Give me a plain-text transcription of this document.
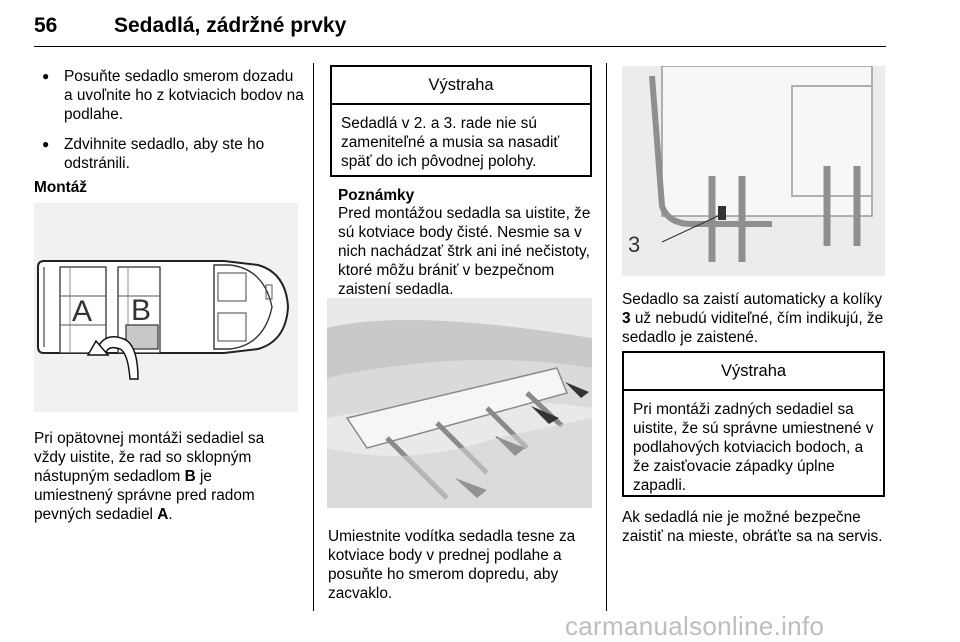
56	Sedadlá, zádržné prvky
● Posuňte sedadlo smerom dozadu a uvoľnite ho z kotviacich bodov na podlahe.
● Zdvihnite sedadlo, aby ste ho odstránili.
Montáž
A B

Pri opätovnej montáži sedadiel sa vždy uistite, že rad so sklopným nástupným sedadlom B je umiestnený správne pred radom pevných sedadiel A.

Výstraha
Sedadlá v 2. a 3. rade nie sú zameniteľné a musia sa nasadiť späť do ich pôvodnej polohy.
Poznámky

Pred montážou sedadla sa uistite, že sú kotviace body čisté. Nesmie sa v nich nachádzať štrk ani iné nečistoty, ktoré môžu brániť v bezpečnom zaistení sedadla.

Umiestnite vodítka sedadla tesne za kotviace body v prednej podlahe a posuňte ho smerom dopredu, aby zacvaklo.

3

Sedadlo sa zaistí automaticky a kolíky 3 už nebudú viditeľné, čím indikujú, že sedadlo je zaistené.

Výstraha
Pri montáži zadných sedadiel sa uistite, že sú správne umiestnené v podlahových kotviacich bodoch, a že zaisťovacie západky úplne zapadli.

Ak sedadlá nie je možné bezpečne zaistiť na mieste, obráťte sa na servis.

carmanualsonline.info
